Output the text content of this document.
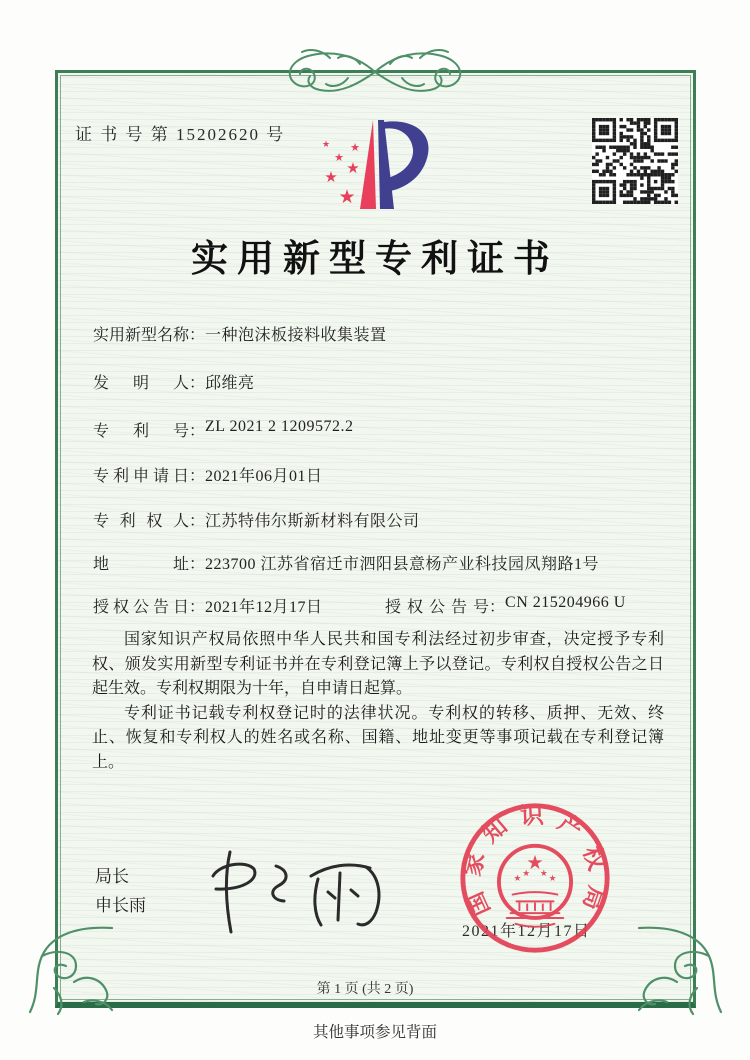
证 书 号 第 15202620 号
★ ★
★
★
★
★
实用新型专利证书
实用新型名称：一种泡沫板接料收集装置
发明人：邱维亮
专利号：ZL 2021 2 1209572.2
专利申请日：2021年06月01日
专利权人：江苏特伟尔斯新材料有限公司
地址：223700 江苏省宿迁市泗阳县意杨产业科技园凤翔路1号
授权公告日：2021年12月17日	授权公告号：CN 215204966 U

国家知识产权局依照中华人民共和国专利法经过初步审查，决定授予专利权、颁发实用新型专利证书并在专利登记簿上予以登记。专利权自授权公告之日起生效。专利权期限为十年，自申请日起算。

专利证书记载专利权登记时的法律状况。专利权的转移、质押、无效、终止、恢复和专利权人的姓名或名称、国籍、地址变更等事项记载在专利登记簿上。

局长
申长雨
2021年12月17日
国家知识产权局
★
★ ★ ★ ★
第 1 页 (共 2 页)
其他事项参见背面
